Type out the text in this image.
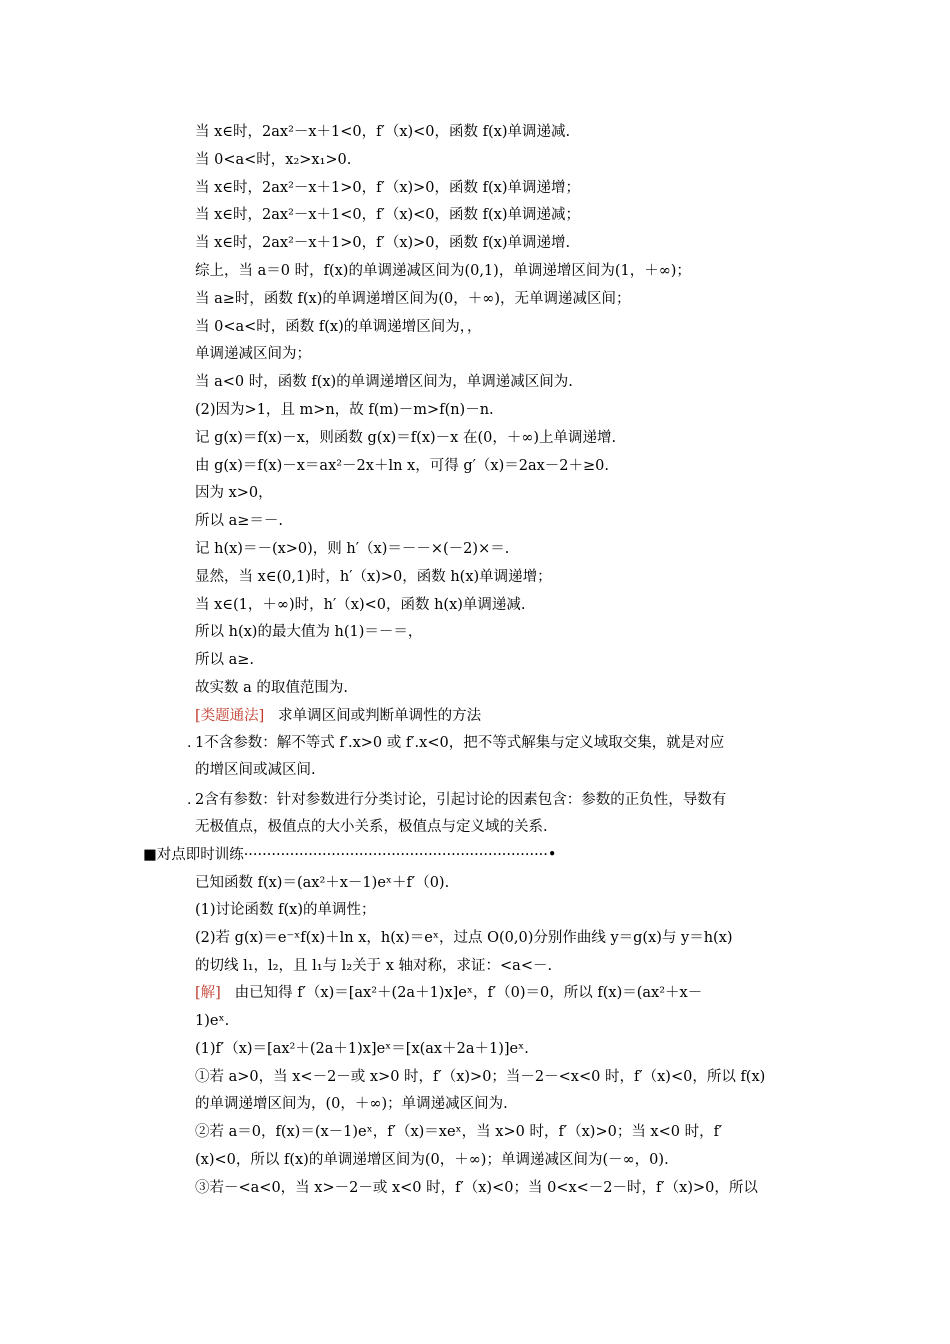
当 x∈时，2ax²－x＋1<0，f′（x)<0，函数 f(x)单调递减.
当 0<a<时，x₂>x₁>0.
当 x∈时，2ax²－x＋1>0，f′（x)>0，函数 f(x)单调递增；
当 x∈时，2ax²－x＋1<0，f′（x)<0，函数 f(x)单调递减；
当 x∈时，2ax²－x＋1>0，f′（x)>0，函数 f(x)单调递增.
综上，当 a＝0 时，f(x)的单调递减区间为(0,1)，单调递增区间为(1，＋∞)；
当 a≥时，函数 f(x)的单调递增区间为(0，＋∞)，无单调递减区间；
当 0<a<时，函数 f(x)的单调递增区间为，，
单调递减区间为；
当 a<0 时，函数 f(x)的单调递增区间为，单调递减区间为.
(2)因为>1，且 m>n，故 f(m)－m>f(n)－n.
记 g(x)＝f(x)－x，则函数 g(x)＝f(x)－x 在(0，＋∞)上单调递增.
由 g(x)＝f(x)－x＝ax²－2x＋ln x，可得 g′（x)＝2ax－2＋≥0.
因为 x>0，
所以 a≥＝－.
记 h(x)＝－(x>0)，则 h′（x)＝－－×(－2)×＝.
显然，当 x∈(0,1)时，h′（x)>0，函数 h(x)单调递增；
当 x∈(1，＋∞)时，h′（x)<0，函数 h(x)单调递减.
所以 h(x)的最大值为 h(1)＝－＝，
所以 a≥.
故实数 a 的取值范围为.
[类题通法] 求单调区间或判断单调性的方法
. 1不含参数：解不等式 f′.x>0 或 f′.x<0，把不等式解集与定义域取交集，就是对应
的增区间或减区间.
. 2含有参数：针对参数进行分类讨论，引起讨论的因素包含：参数的正负性，导数有
无极值点，极值点的大小关系，极值点与定义域的关系.
■对点即时训练··································································•
已知函数 f(x)＝(ax²＋x－1)eˣ＋f′（0).
(1)讨论函数 f(x)的单调性；
(2)若 g(x)＝e⁻ˣf(x)＋ln x，h(x)＝eˣ，过点 O(0,0)分别作曲线 y＝g(x)与 y＝h(x)
的切线 l₁，l₂，且 l₁与 l₂关于 x 轴对称，求证：<a<－.
[解] 由已知得 f′（x)＝[ax²＋(2a＋1)x]eˣ，f′（0)＝0，所以 f(x)＝(ax²＋x－
1)eˣ.
(1)f′（x)＝[ax²＋(2a＋1)x]eˣ＝[x(ax＋2a＋1)]eˣ.
①若 a>0，当 x<－2－或 x>0 时，f′（x)>0；当－2－<x<0 时，f′（x)<0，所以 f(x)
的单调递增区间为，(0，＋∞)；单调递减区间为.
②若 a＝0，f(x)＝(x－1)eˣ，f′（x)＝xeˣ，当 x>0 时，f′（x)>0；当 x<0 时，f′
(x)<0，所以 f(x)的单调递增区间为(0，＋∞)；单调递减区间为(－∞，0).
③若－<a<0，当 x>－2－或 x<0 时，f′（x)<0；当 0<x<－2－时，f′（x)>0，所以
